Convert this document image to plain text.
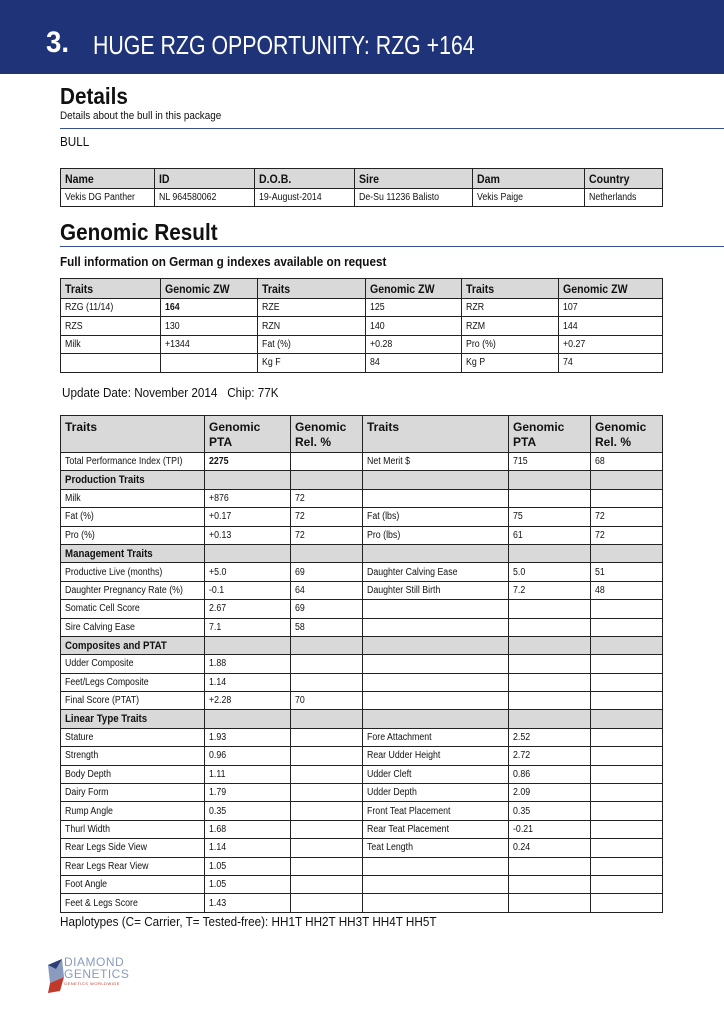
3. HUGE RZG OPPORTUNITY: RZG +164
Details
Details about the bull in this package
BULL
Name	ID	D.O.B.	Sire	Dam	Country
Vekis DG Panther	NL 964580062	19-August-2014	De-Su 11236 Balisto	Vekis Paige	Netherlands
Genomic Result
Full information on German g indexes available on request
Traits	Genomic ZW	Traits	Genomic ZW	Traits	Genomic ZW
RZG (11/14)	164	RZE	125	RZR	107
RZS	130	RZN	140	RZM	144
Milk	+1344	Fat (%)	+0.28	Pro (%)	+0.27
		Kg F	84	Kg P	74
Update Date: November 2014 Chip: 77K
Traits	Genomic PTA	Genomic Rel. %	Traits	Genomic PTA	Genomic Rel. %
Total Performance Index (TPI)	2275		Net Merit $	715	68
Production Traits					
Milk	+876	72			
Fat (%)	+0.17	72	Fat (lbs)	75	72
Pro (%)	+0.13	72	Pro (lbs)	61	72
Management Traits					
Productive Live (months)	+5.0	69	Daughter Calving Ease	5.0	51
Daughter Pregnancy Rate (%)	-0.1	64	Daughter Still Birth	7.2	48
Somatic Cell Score	2.67	69			
Sire Calving Ease	7.1	58			
Composites and PTAT					
Udder Composite	1.88				
Feet/Legs Composite	1.14				
Final Score (PTAT)	+2.28	70			
Linear Type Traits					
Stature	1.93		Fore Attachment	2.52	
Strength	0.96		Rear Udder Height	2.72	
Body Depth	1.11		Udder Cleft	0.86	
Dairy Form	1.79		Udder Depth	2.09	
Rump Angle	0.35		Front Teat Placement	0.35	
Thurl Width	1.68		Rear Teat Placement	-0.21	
Rear Legs Side View	1.14		Teat Length	0.24	
Rear Legs Rear View	1.05				
Foot Angle	1.05				
Feet & Legs Score	1.43				
Haplotypes (C= Carrier, T= Tested-free): HH1T HH2T HH3T HH4T HH5T
DIAMOND
GENETICS
GENETICS WORLDWIDE
